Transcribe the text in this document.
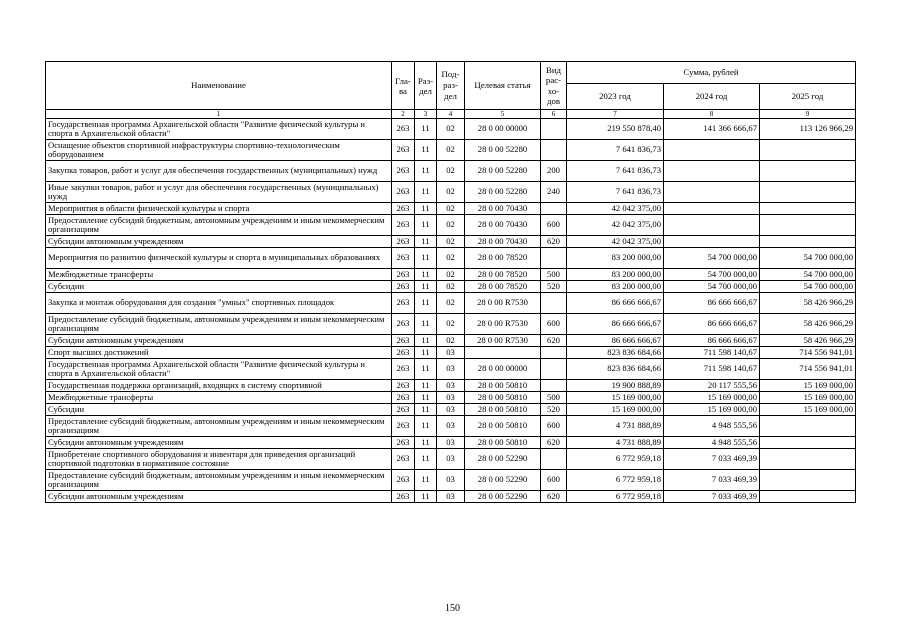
Наименование	Гла-ва	Раз-дел	Под-раз-дел	Целевая статья	Вид рас-хо-дов	Сумма, рублей		
						2023 год	2024 год	2025 год
1	2	3	4	5	6	7	8	9
Государственная программа Архангельской области "Развитие физической культуры и спорта в Архангельской области"	263	11	02	28 0 00 00000		219 550 878,40	141 366 666,67	113 126 966,29
Оснащение объектов спортивной инфраструктуры спортивно-технологическим оборудованием	263	11	02	28 0 00 52280		7 641 836,73		
Закупка товаров, работ и услуг для обеспечения государственных (муниципальных) нужд	263	11	02	28 0 00 52280	200	7 641 836,73		
Иные закупки товаров, работ и услуг для обеспечения государственных (муниципальных) нужд	263	11	02	28 0 00 52280	240	7 641 836,73		
Мероприятия в области физической культуры и спорта	263	11	02	28 0 00 70430		42 042 375,00		
Предоставление субсидий бюджетным, автономным учреждениям и иным некоммерческим организациям	263	11	02	28 0 00 70430	600	42 042 375,00		
Субсидии автономным учреждениям	263	11	02	28 0 00 70430	620	42 042 375,00		
Мероприятия по развитию физической культуры и спорта в муниципальных образованиях	263	11	02	28 0 00 78520		83 200 000,00	54 700 000,00	54 700 000,00
Межбюджетные трансферты	263	11	02	28 0 00 78520	500	83 200 000,00	54 700 000,00	54 700 000,00
Субсидии	263	11	02	28 0 00 78520	520	83 200 000,00	54 700 000,00	54 700 000,00
Закупка и монтаж оборудования для создания "умных" спортивных площадок	263	11	02	28 0 00 R7530		86 666 666,67	86 666 666,67	58 426 966,29
Предоставление субсидий бюджетным, автономным учреждениям и иным некоммерческим организациям	263	11	02	28 0 00 R7530	600	86 666 666,67	86 666 666,67	58 426 966,29
Субсидии автономным учреждениям	263	11	02	28 0 00 R7530	620	86 666 666,67	86 666 666,67	58 426 966,29
Спорт высших достижений	263	11	03			823 836 684,66	711 598 140,67	714 556 941,01
Государственная программа Архангельской области "Развитие физической культуры и спорта в Архангельской области"	263	11	03	28 0 00 00000		823 836 684,66	711 598 140,67	714 556 941,01
Государственная поддержка организаций, входящих в систему спортивной	263	11	03	28 0 00 50810		19 900 888,89	20 117 555,56	15 169 000,00
Межбюджетные трансферты	263	11	03	28 0 00 50810	500	15 169 000,00	15 169 000,00	15 169 000,00
Субсидии	263	11	03	28 0 00 50810	520	15 169 000,00	15 169 000,00	15 169 000,00
Предоставление субсидий бюджетным, автономным учреждениям и иным некоммерческим организациям	263	11	03	28 0 00 50810	600	4 731 888,89	4 948 555,56	
Субсидии автономным учреждениям	263	11	03	28 0 00 50810	620	4 731 888,89	4 948 555,56	
Приобретение спортивного оборудования и инвентаря для приведения организаций спортивной подготовки в нормативное состояние	263	11	03	28 0 00 52290		6 772 959,18	7 033 469,39	
Предоставление субсидий бюджетным, автономным учреждениям и иным некоммерческим организациям	263	11	03	28 0 00 52290	600	6 772 959,18	7 033 469,39	
Субсидии автономным учреждениям	263	11	03	28 0 00 52290	620	6 772 959,18	7 033 469,39	
150
